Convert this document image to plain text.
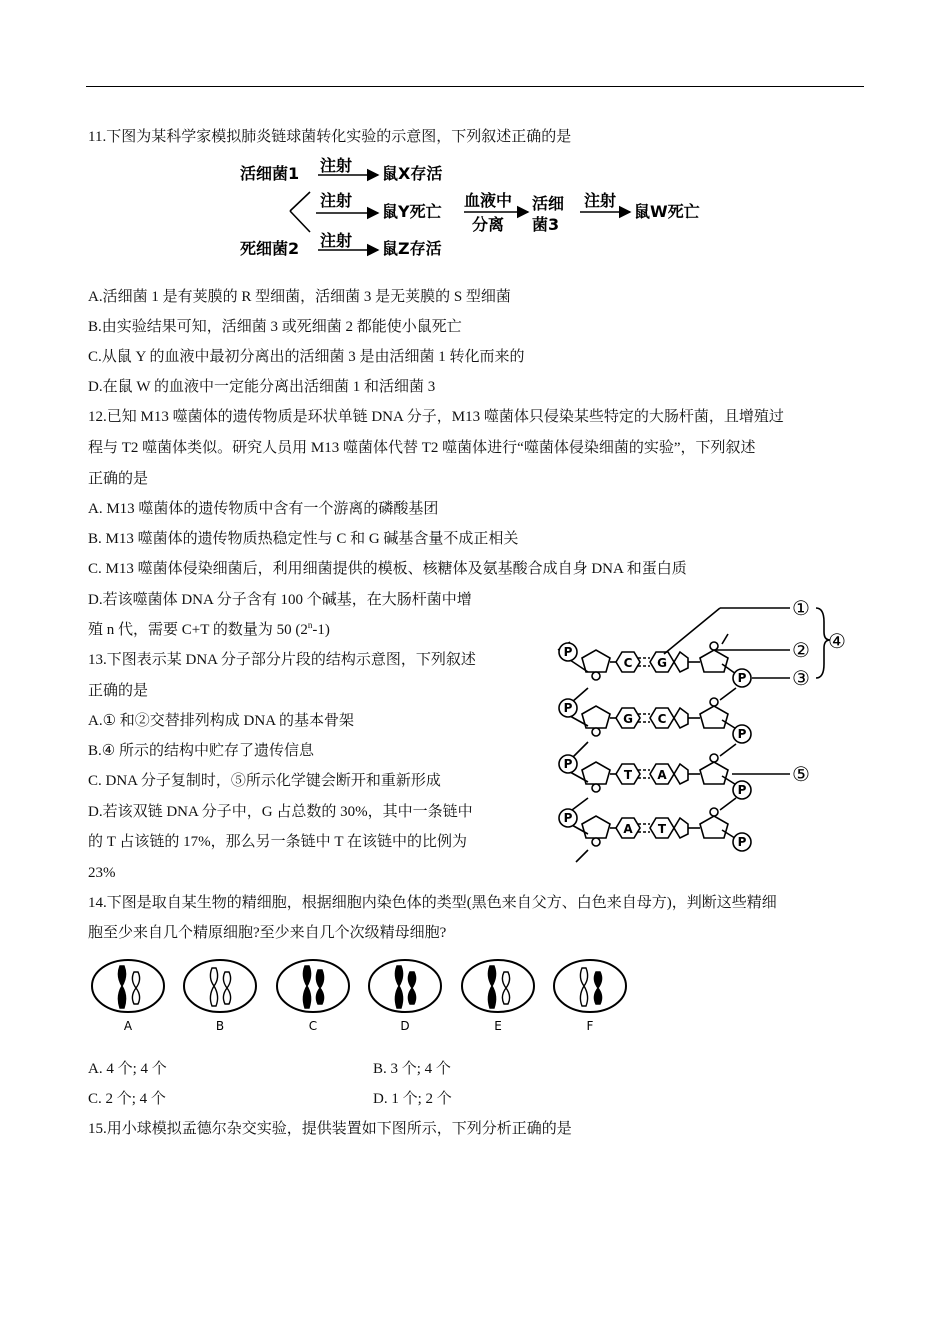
11.下图为某科学家模拟肺炎链球菌转化实验的示意图，下列叙述正确的是
活细菌1
死细菌2
注射
注射
注射
鼠X存活
鼠Y死亡
鼠Z存活
血液中
分离
活细
菌3
注射
鼠W死亡
A.活细菌 1 是有荚膜的 R 型细菌，活细菌 3 是无荚膜的 S 型细菌
B.由实验结果可知，活细菌 3 或死细菌 2 都能使小鼠死亡
C.从鼠 Y 的血液中最初分离出的活细菌 3 是由活细菌 1 转化而来的
D.在鼠 W 的血液中一定能分离出活细菌 1 和活细菌 3
12.已知 M13 噬菌体的遗传物质是环状单链 DNA 分子，M13 噬菌体只侵染某些特定的大肠杆菌，且增殖过
程与 T2 噬菌体类似。研究人员用 M13 噬菌体代替 T2 噬菌体进行“噬菌体侵染细菌的实验”，下列叙述
正确的是
A. M13 噬菌体的遗传物质中含有一个游离的磷酸基团
B. M13 噬菌体的遗传物质热稳定性与 C 和 G 碱基含量不成正相关
C. M13 噬菌体侵染细菌后，利用细菌提供的模板、核糖体及氨基酸合成自身 DNA 和蛋白质
D.若该噬菌体 DNA 分子含有 100 个碱基，在大肠杆菌中增
殖 n 代，需要 C+T 的数量为 50 (2$^n$-1)
13.下图表示某 DNA 分子部分片段的结构示意图，下列叙述
正确的是
A.① 和②交替排列构成 DNA 的基本骨架
B.④ 所示的结构中贮存了遗传信息
C. DNA 分子复制时，⑤所示化学键会断开和重新形成
D.若该双链 DNA 分子中，G 占总数的 30%，其中一条链中
的 T 占该链的 17%，那么另一条链中 T 在该链中的比例为
23%
P
P
P
P
P
P
P
P
C G
G C
T A
A T
①
②
③
④
⑤
14.下图是取自某生物的精细胞，根据细胞内染色体的类型(黑色来自父方、白色来自母方)，判断这些精细
胞至少来自几个精原细胞?至少来自几个次级精母细胞?
A	B	C	D	E	F
A. 4 个; 4 个	B. 3 个; 4 个
C. 2 个; 4 个	D. 1 个; 2 个
15.用小球模拟孟德尔杂交实验，提供装置如下图所示，下列分析正确的是
